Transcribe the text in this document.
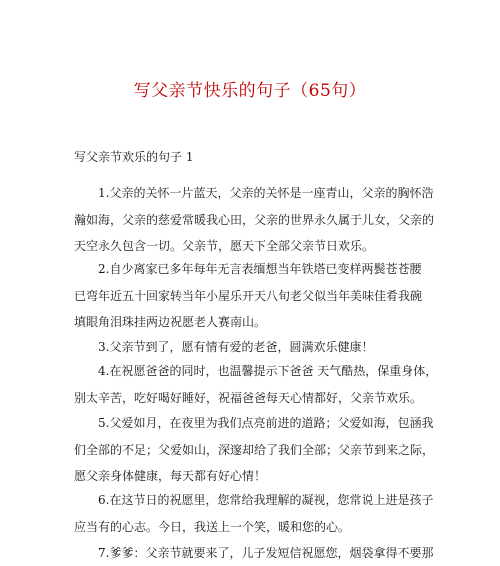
写父亲节快乐的句子（65句）
写父亲节欢乐的句子 1

1.父亲的关怀一片蓝天，父亲的关怀是一座青山，父亲的胸怀浩
瀚如海，父亲的慈爱常暖我心田，父亲的世界永久属于儿女，父亲的
天空永久包含一切。父亲节，愿天下全部父亲节日欢乐。

2.自少离家已多年每年无言表缅想当年铁塔已变样两鬓苍苍腰
已弯年近五十回家转当年小屋乐开天八旬老父似当年美味佳肴我碗
填眼角泪珠挂两边祝愿老人赛南山。

3.父亲节到了，愿有情有爱的老爸，圆满欢乐健康！

4.在祝愿爸爸的同时，也温馨提示下爸爸 天气酷热，保重身体，
别太辛苦，吃好喝好睡好，祝福爸爸每天心情都好，父亲节欢乐。

5.父爱如月，在夜里为我们点亮前进的道路；父爱如海，包涵我
们全部的不足；父爱如山，深邃却给了我们全部；父亲节到来之际，
愿父亲身体健康，每天都有好心情！

6.在这节日的祝愿里，您常给我理解的凝视，您常说上进是孩子
应当有的心志。今日，我送上一个笑，暖和您的心。

7.爹爹：父亲节就要来了，儿子发短信祝愿您，烟袋拿得不要那
